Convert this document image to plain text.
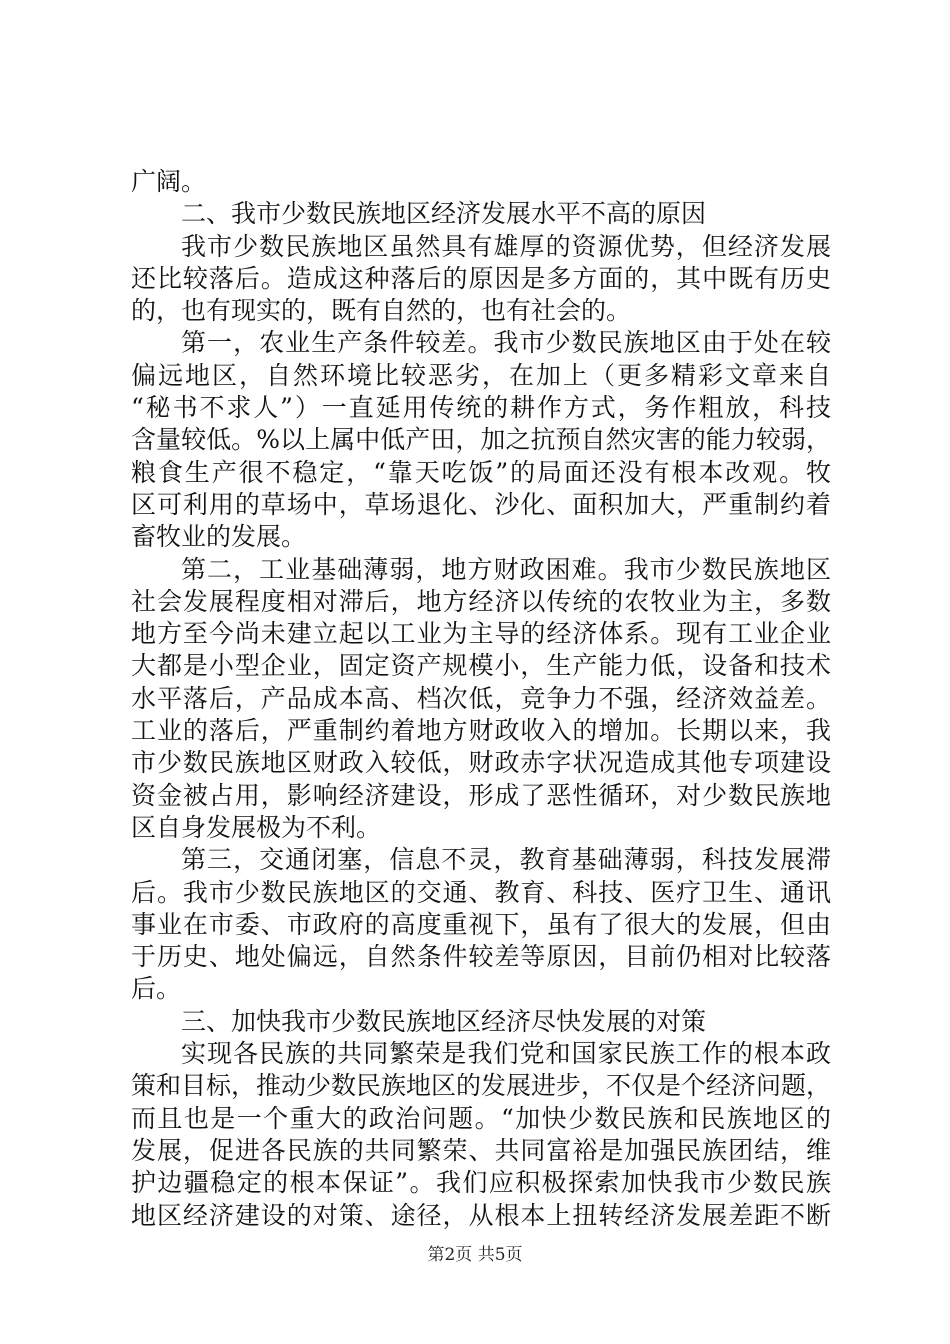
广阔。
二、我市少数民族地区经济发展水平不高的原因
我市少数民族地区虽然具有雄厚的资源优势，但经济发展
还比较落后。造成这种落后的原因是多方面的，其中既有历史
的，也有现实的，既有自然的，也有社会的。
第一，农业生产条件较差。我市少数民族地区由于处在较
偏远地区，自然环境比较恶劣，在加上（更多精彩文章来自
“秘书不求人”）一直延用传统的耕作方式，务作粗放，科技
含量较低。%以上属中低产田，加之抗预自然灾害的能力较弱，
粮食生产很不稳定，“靠天吃饭”的局面还没有根本改观。牧
区可利用的草场中，草场退化、沙化、面积加大，严重制约着
畜牧业的发展。
第二，工业基础薄弱，地方财政困难。我市少数民族地区
社会发展程度相对滞后，地方经济以传统的农牧业为主，多数
地方至今尚未建立起以工业为主导的经济体系。现有工业企业
大都是小型企业，固定资产规模小，生产能力低，设备和技术
水平落后，产品成本高、档次低，竞争力不强，经济效益差。
工业的落后，严重制约着地方财政收入的增加。长期以来，我
市少数民族地区财政入较低，财政赤字状况造成其他专项建设
资金被占用，影响经济建设，形成了恶性循环，对少数民族地
区自身发展极为不利。
第三，交通闭塞，信息不灵，教育基础薄弱，科技发展滞
后。我市少数民族地区的交通、教育、科技、医疗卫生、通讯
事业在市委、市政府的高度重视下，虽有了很大的发展，但由
于历史、地处偏远，自然条件较差等原因，目前仍相对比较落
后。
三、加快我市少数民族地区经济尽快发展的对策
实现各民族的共同繁荣是我们党和国家民族工作的根本政
策和目标，推动少数民族地区的发展进步，不仅是个经济问题，
而且也是一个重大的政治问题。“加快少数民族和民族地区的
发展，促进各民族的共同繁荣、共同富裕是加强民族团结，维
护边疆稳定的根本保证”。我们应积极探索加快我市少数民族
地区经济建设的对策、途径，从根本上扭转经济发展差距不断
第2页 共5页
